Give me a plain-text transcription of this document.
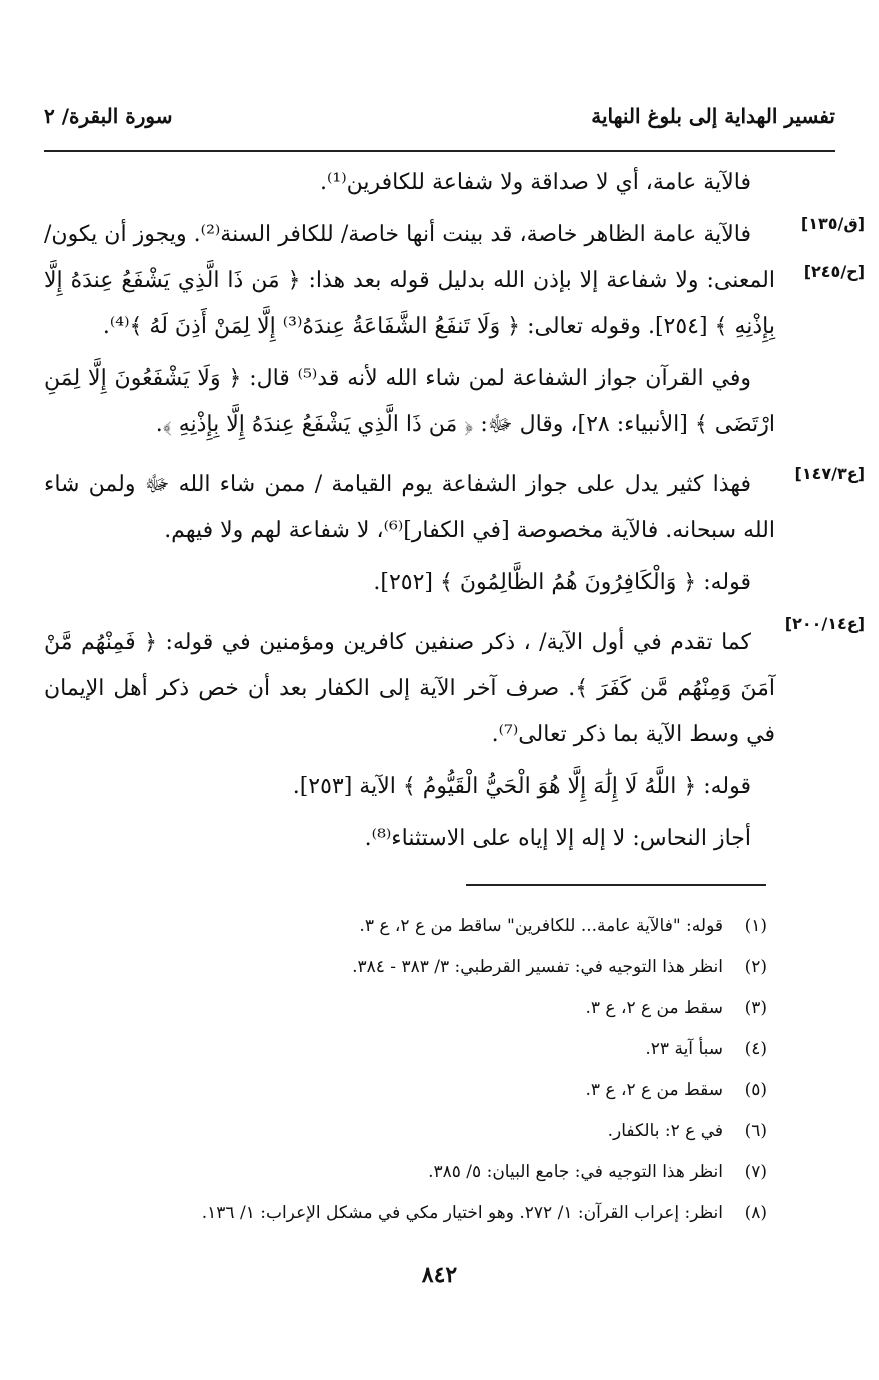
تفسير الهداية إلى بلوغ النهاية
سورة البقرة/ ٢
[ق/١٣٥]
[ح/٢٤٥]
[ع١٤٧/٣]
[ع٢٠٠/١٤]

فالآية عامة، أي لا صداقة ولا شفاعة للكافرين⁽¹⁾.

فالآية عامة الظاهر خاصة، قد بينت أنها خاصة/ للكافر السنة⁽²⁾. ويجوز أن يكون/ المعنى: ولا شفاعة إلا بإذن الله بدليل قوله بعد هذا: ﴿ مَن ذَا الَّذِي يَشْفَعُ عِندَهُ إِلَّا بِإِذْنِهِ ﴾ [٢٥٤]. وقوله تعالى: ﴿ وَلَا تَنفَعُ الشَّفَاعَةُ عِندَهُ⁽³⁾ إِلَّا لِمَنْ أَذِنَ لَهُ ﴾⁽⁴⁾.

وفي القرآن جواز الشفاعة لمن شاء الله لأنه قد⁽⁵⁾ قال: ﴿ وَلَا يَشْفَعُونَ إِلَّا لِمَنِ ارْتَضَى ﴾ [الأنبياء: ٢٨]، وقال ﷻ: ﴿ مَن ذَا الَّذِي يَشْفَعُ عِندَهُ إِلَّا بِإِذْنِهِ ﴾.

فهذا كثير يدل على جواز الشفاعة يوم القيامة / ممن شاء الله ﷻ ولمن شاء الله سبحانه. فالآية مخصوصة [في الكفار]⁽⁶⁾، لا شفاعة لهم ولا فيهم.

قوله: ﴿ وَالْكَافِرُونَ هُمُ الظَّالِمُونَ ﴾ [٢٥٢].

كما تقدم في أول الآية/ ، ذكر صنفين كافرين ومؤمنين في قوله: ﴿ فَمِنْهُم مَّنْ آمَنَ وَمِنْهُم مَّن كَفَرَ ﴾. صرف آخر الآية إلى الكفار بعد أن خص ذكر أهل الإيمان في وسط الآية بما ذكر تعالى⁽⁷⁾.

قوله: ﴿ اللَّهُ لَا إِلَٰهَ إِلَّا هُوَ الْحَيُّ الْقَيُّومُ ﴾ الآية [٢٥٣].

أجاز النحاس: لا إله إلا إياه على الاستثناء⁽⁸⁾.

(١)
قوله: "فالآية عامة... للكافرين" ساقط من ع ٢، ع ٣.
(٢)
انظر هذا التوجيه في: تفسير القرطبي: ٣/ ٣٨٣ - ٣٨٤.
(٣)
سقط من ع ٢، ع ٣.
(٤)
سبأ آية ٢٣.
(٥)
سقط من ع ٢، ع ٣.
(٦)
في ع ٢: بالكفار.
(٧)
انظر هذا التوجيه في: جامع البيان: ٥/ ٣٨٥.
(٨)
انظر: إعراب القرآن: ١/ ٢٧٢. وهو اختيار مكي في مشكل الإعراب: ١/ ١٣٦.
٨٤٢
